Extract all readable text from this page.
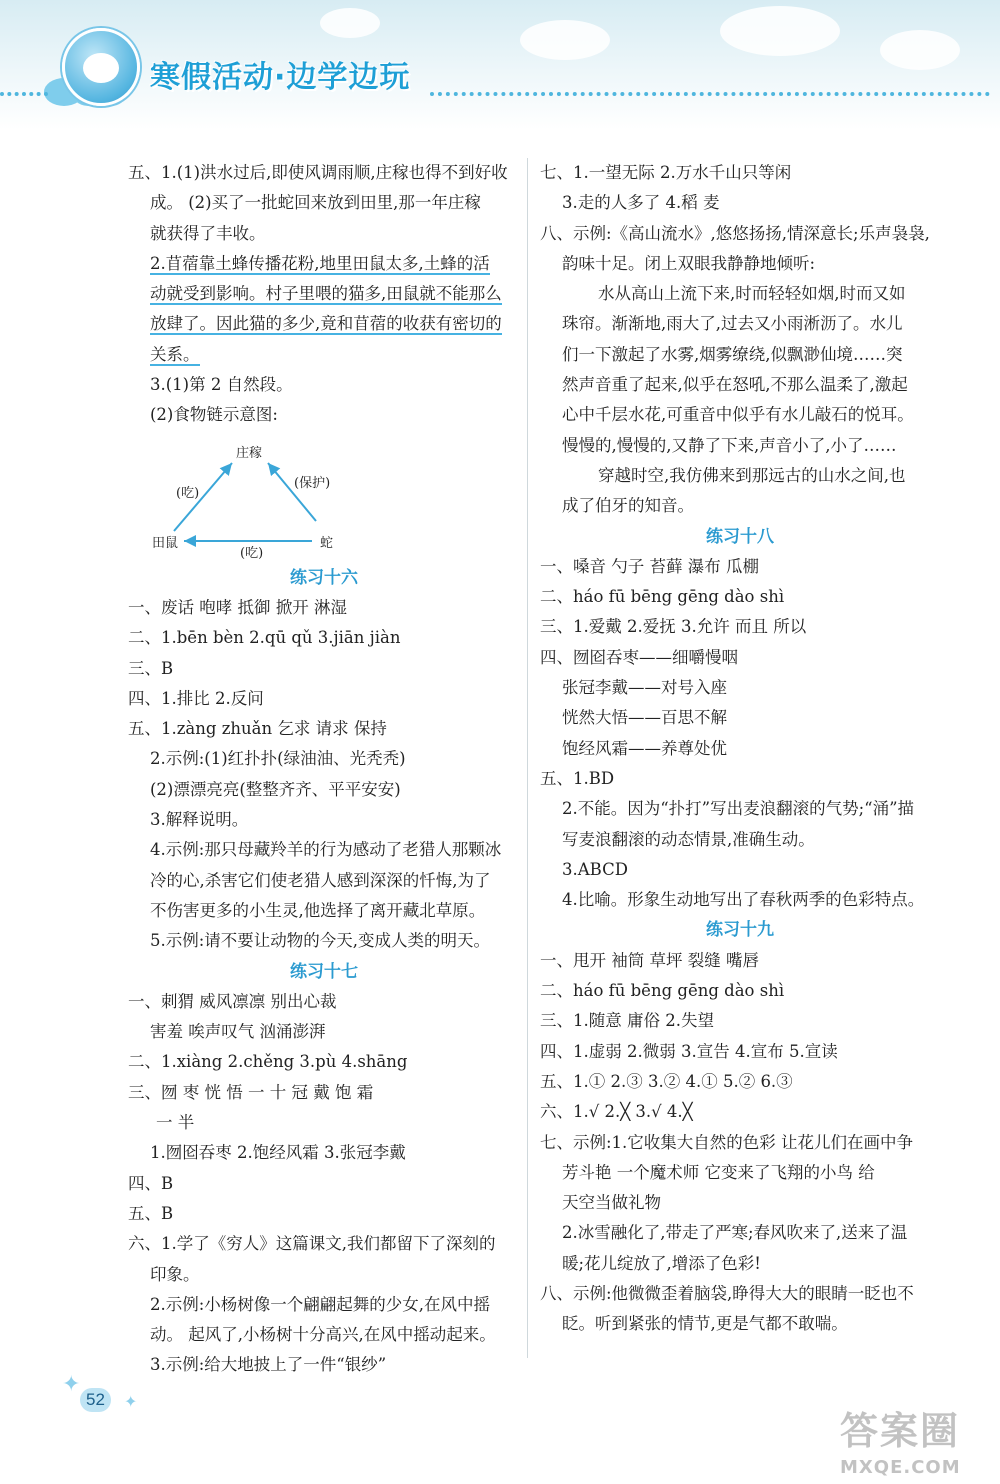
寒假活动·边学边玩
五、1.(1)洪水过后,即使风调雨顺,庄稼也得不到好收
成。 (2)买了一批蛇回来放到田里,那一年庄稼
就获得了丰收。
2.苜蓿靠土蜂传播花粉,地里田鼠太多,土蜂的活
动就受到影响。村子里喂的猫多,田鼠就不能那么
放肆了。因此猫的多少,竟和苜蓿的收获有密切的
关系。
3.(1)第 2 自然段。
(2)食物链示意图:
庄稼
田鼠	蛇
(吃)
(保护)
(吃)
练习十六
一、废话 咆哮 抵御 掀开 淋湿
二、1.bēn bèn 2.qū qǔ 3.jiān jiàn
三、B
四、1.排比 2.反问
五、1.zàng zhuǎn 乞求 请求 保持
2.示例:(1)红扑扑(绿油油、光秃秃)
(2)漂漂亮亮(整整齐齐、平平安安)
3.解释说明。
4.示例:那只母藏羚羊的行为感动了老猎人那颗冰
冷的心,杀害它们使老猎人感到深深的忏悔,为了
不伤害更多的小生灵,他选择了离开藏北草原。
5.示例:请不要让动物的今天,变成人类的明天。
练习十七
一、刺猬 威风凛凛 别出心裁
害羞 唉声叹气 汹涌澎湃
二、1.xiàng 2.chěng 3.pù 4.shāng
三、囫 枣 恍 悟 一 十 冠 戴 饱 霜
一 半
1.囫囵吞枣 2.饱经风霜 3.张冠李戴
四、B
五、B
六、1.学了《穷人》这篇课文,我们都留下了深刻的
印象。
2.示例:小杨树像一个翩翩起舞的少女,在风中摇
动。 起风了,小杨树十分高兴,在风中摇动起来。
3.示例:给大地披上了一件“银纱”
七、1.一望无际 2.万水千山只等闲
3.走的人多了 4.稻 麦
八、示例:《高山流水》,悠悠扬扬,情深意长;乐声袅袅,
韵味十足。闭上双眼我静静地倾听:
水从高山上流下来,时而轻轻如烟,时而又如
珠帘。渐渐地,雨大了,过去又小雨淅沥了。水儿
们一下激起了水雾,烟雾缭绕,似飘渺仙境……突
然声音重了起来,似乎在怒吼,不那么温柔了,激起
心中千层水花,可重音中似乎有水儿敲石的悦耳。
慢慢的,慢慢的,又静了下来,声音小了,小了……
穿越时空,我仿佛来到那远古的山水之间,也
成了伯牙的知音。
练习十八
一、嗓音 勺子 苔藓 瀑布 瓜棚
二、háo fū bēng gēng dào shì
三、1.爱戴 2.爱抚 3.允许 而且 所以
四、囫囵吞枣——细嚼慢咽
张冠李戴——对号入座
恍然大悟——百思不解
饱经风霜——养尊处优
五、1.BD
2.不能。因为“扑打”写出麦浪翻滚的气势;“涌”描
写麦浪翻滚的动态情景,准确生动。
3.ABCD
4.比喻。形象生动地写出了春秋两季的色彩特点。
练习十九
一、甩开 袖筒 草坪 裂缝 嘴唇
二、háo fū bēng gēng dào shì
三、1.随意 庸俗 2.失望
四、1.虚弱 2.微弱 3.宣告 4.宣布 5.宣读
五、1.① 2.③ 3.② 4.① 5.② 6.③
六、1.√ 2.╳ 3.√ 4.╳
七、示例:1.它收集大自然的色彩 让花儿们在画中争
芳斗艳 一个魔术师 它变来了飞翔的小鸟 给
天空当做礼物
2.冰雪融化了,带走了严寒;春风吹来了,送来了温
暖;花儿绽放了,增添了色彩!
八、示例:他微微歪着脑袋,睁得大大的眼睛一眨也不
眨。听到紧张的情节,更是气都不敢喘。
✦
✦
52
答案圈
MXQE.COM
